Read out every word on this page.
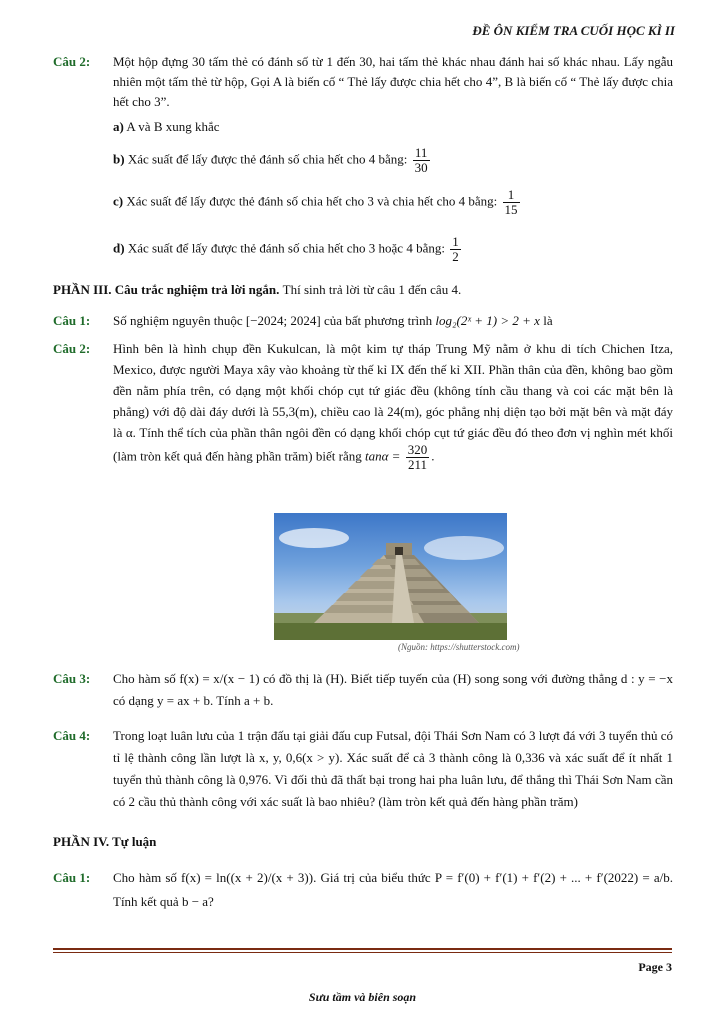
ĐỀ ÔN KIỂM TRA CUỐI HỌC KÌ II
Câu 2: Một hộp đựng 30 tấm thẻ có đánh số từ 1 đến 30, hai tấm thẻ khác nhau đánh hai số khác nhau. Lấy ngẫu nhiên một tấm thẻ từ hộp, Gọi A là biến cố “ Thẻ lấy được chia hết cho 4”, B là biến cố “ Thẻ lấy được chia hết cho 3”.
a) A và B xung khắc
b) Xác suất để lấy được thẻ đánh số chia hết cho 4 bằng: $\frac{11}{30}$
c) Xác suất để lấy được thẻ đánh số chia hết cho 3 và chia hết cho 4 bằng: $\frac{1}{15}$
d) Xác suất để lấy được thẻ đánh số chia hết cho 3 hoặc 4 bằng: $\frac{1}{2}$
PHẦN III. Câu trắc nghiệm trả lời ngắn. Thí sinh trả lời từ câu 1 đến câu 4.
Câu 1: Số nghiệm nguyên thuộc [−2024; 2024] của bất phương trình log₂(2ˣ + 1) > 2 + x là
Câu 2: Hình bên là hình chụp đền Kukulcan, là một kim tự tháp Trung Mỹ nằm ở khu di tích Chichen Itza, Mexico, được người Maya xây vào khoảng từ thế kỉ IX đến thế kỉ XII. Phần thân của đền, không bao gồm đền nằm phía trên, có dạng một khối chóp cụt tứ giác đều (không tính cầu thang và coi các mặt bên là phẳng) với độ dài đáy dưới là 55,3(m), chiều cao là 24(m), góc phẳng nhị diện tạo bởi mặt bên và mặt đáy là α. Tính thể tích của phần thân ngôi đền có dạng khối chóp cụt tứ giác đều đó theo đơn vị nghìn mét khối (làm tròn kết quả đến hàng phần trăm) biết rằng $\tan\alpha = \frac{320}{211}$ .
(Nguồn: https://shutterstock.com)
Câu 3: Cho hàm số f(x) = x/(x − 1) có đồ thị là (H). Biết tiếp tuyến của (H) song song với đường thẳng d : y = −x có dạng y = ax + b. Tính a + b.
Câu 4: Trong loạt luân lưu của 1 trận đấu tại giải đấu cup Futsal, đội Thái Sơn Nam có 3 lượt đá với 3 tuyển thủ có tỉ lệ thành công lần lượt là x, y, 0,6(x > y). Xác suất để cả 3 thành công là 0,336 và xác suất để ít nhất 1 tuyển thủ thành công là 0,976. Vì đối thủ đã thất bại trong hai pha luân lưu, để thắng thì Thái Sơn Nam cần có 2 cầu thủ thành công với xác suất là bao nhiêu? (làm tròn kết quả đến hàng phần trăm)
PHẦN IV. Tự luận
Câu 1: Cho hàm số f(x) = ln((x + 2)/(x + 3)). Giá trị của biểu thức P = f′(0) + f′(1) + f′(2) + ... + f′(2022) = a/b. Tính kết quả b − a?
Page 3
Sưu tầm và biên soạn
